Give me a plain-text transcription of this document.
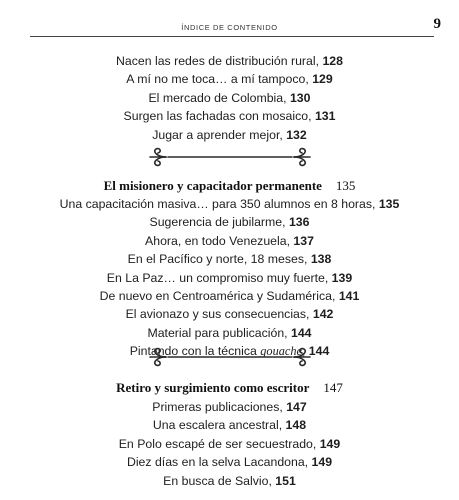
ÍNDICE DE CONTENIDO	9
Nacen las redes de distribución rural, 128
A mí no me toca… a mí tampoco, 129
El mercado de Colombia, 130
Surgen las fachadas con mosaico, 131
Jugar a aprender mejor, 132
El misionero y capacitador permanente 135
Una capacitación masiva… para 350 alumnos en 8 horas, 135
Sugerencia de jubilarme, 136
Ahora, en todo Venezuela, 137
En el Pacífico y norte, 18 meses, 138
En La Paz… un compromiso muy fuerte, 139
De nuevo en Centroamérica y Sudamérica, 141
El avionazo y sus consecuencias, 142
Material para publicación, 144
Pintando con la técnica gouache, 144
Retiro y surgimiento como escritor 147
Primeras publicaciones, 147
Una escalera ancestral, 148
En Polo escapé de ser secuestrado, 149
Diez días en la selva Lacandona, 149
En busca de Salvio, 151
